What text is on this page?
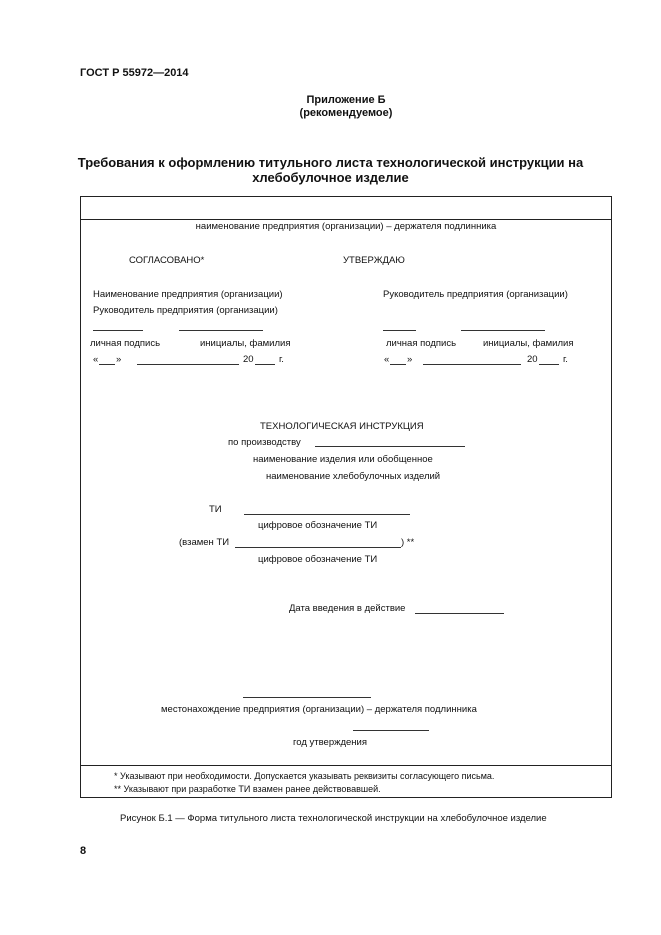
ГОСТ Р 55972—2014
Приложение Б
(рекомендуемое)
Требования к оформлению титульного листа технологической инструкции на
хлебобулочное изделие
наименование предприятия (организации) – держателя подлинника
СОГЛАСОВАНО*
Наименование предприятия (организации)
Руководитель предприятия (организации)
личная подпись	инициалы, фамилия
« »	20	г.
УТВЕРЖДАЮ
Руководитель предприятия (организации)
личная подпись	инициалы, фамилия
« »	20	г.
ТЕХНОЛОГИЧЕСКАЯ ИНСТРУКЦИЯ
по производству
наименование изделия или обобщенное
наименование хлебобулочных изделий
ТИ
цифровое обозначение ТИ
(взамен ТИ	) **
цифровое обозначение ТИ
Дата введения в действие
местонахождение предприятия (организации) – держателя подлинника
год утверждения
* Указывают при необходимости. Допускается указывать реквизиты согласующего письма.
** Указывают при разработке ТИ взамен ранее действовавшей.
Рисунок Б.1 — Форма титульного листа технологической инструкции на хлебобулочное изделие
8
